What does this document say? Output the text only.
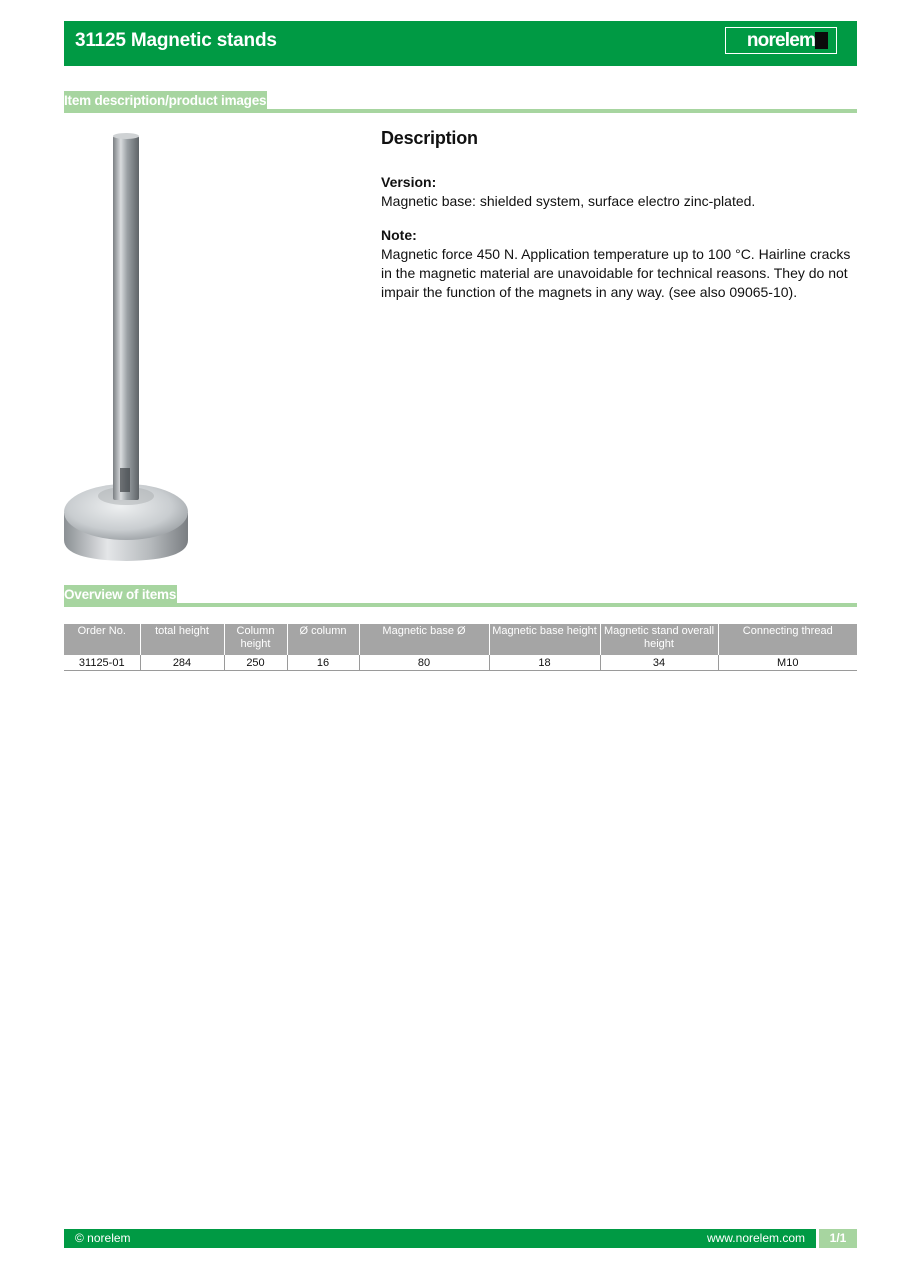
31125 Magnetic stands	norelem
Item description/product images
Description
Version:
Magnetic base: shielded system, surface electro zinc-plated.
Note:
Magnetic force 450 N. Application temperature up to 100 °C. Hairline cracks in the magnetic material are unavoidable for technical reasons. They do not impair the function of the magnets in any way. (see also 09065-10).
Overview of items
Order No.	total height	Column height	Ø column	Magnetic base Ø	Magnetic base height	Magnetic stand overall height	Connecting thread
31125-01	284	250	16	80	18	34	M10
© norelem	www.norelem.com	1/1
